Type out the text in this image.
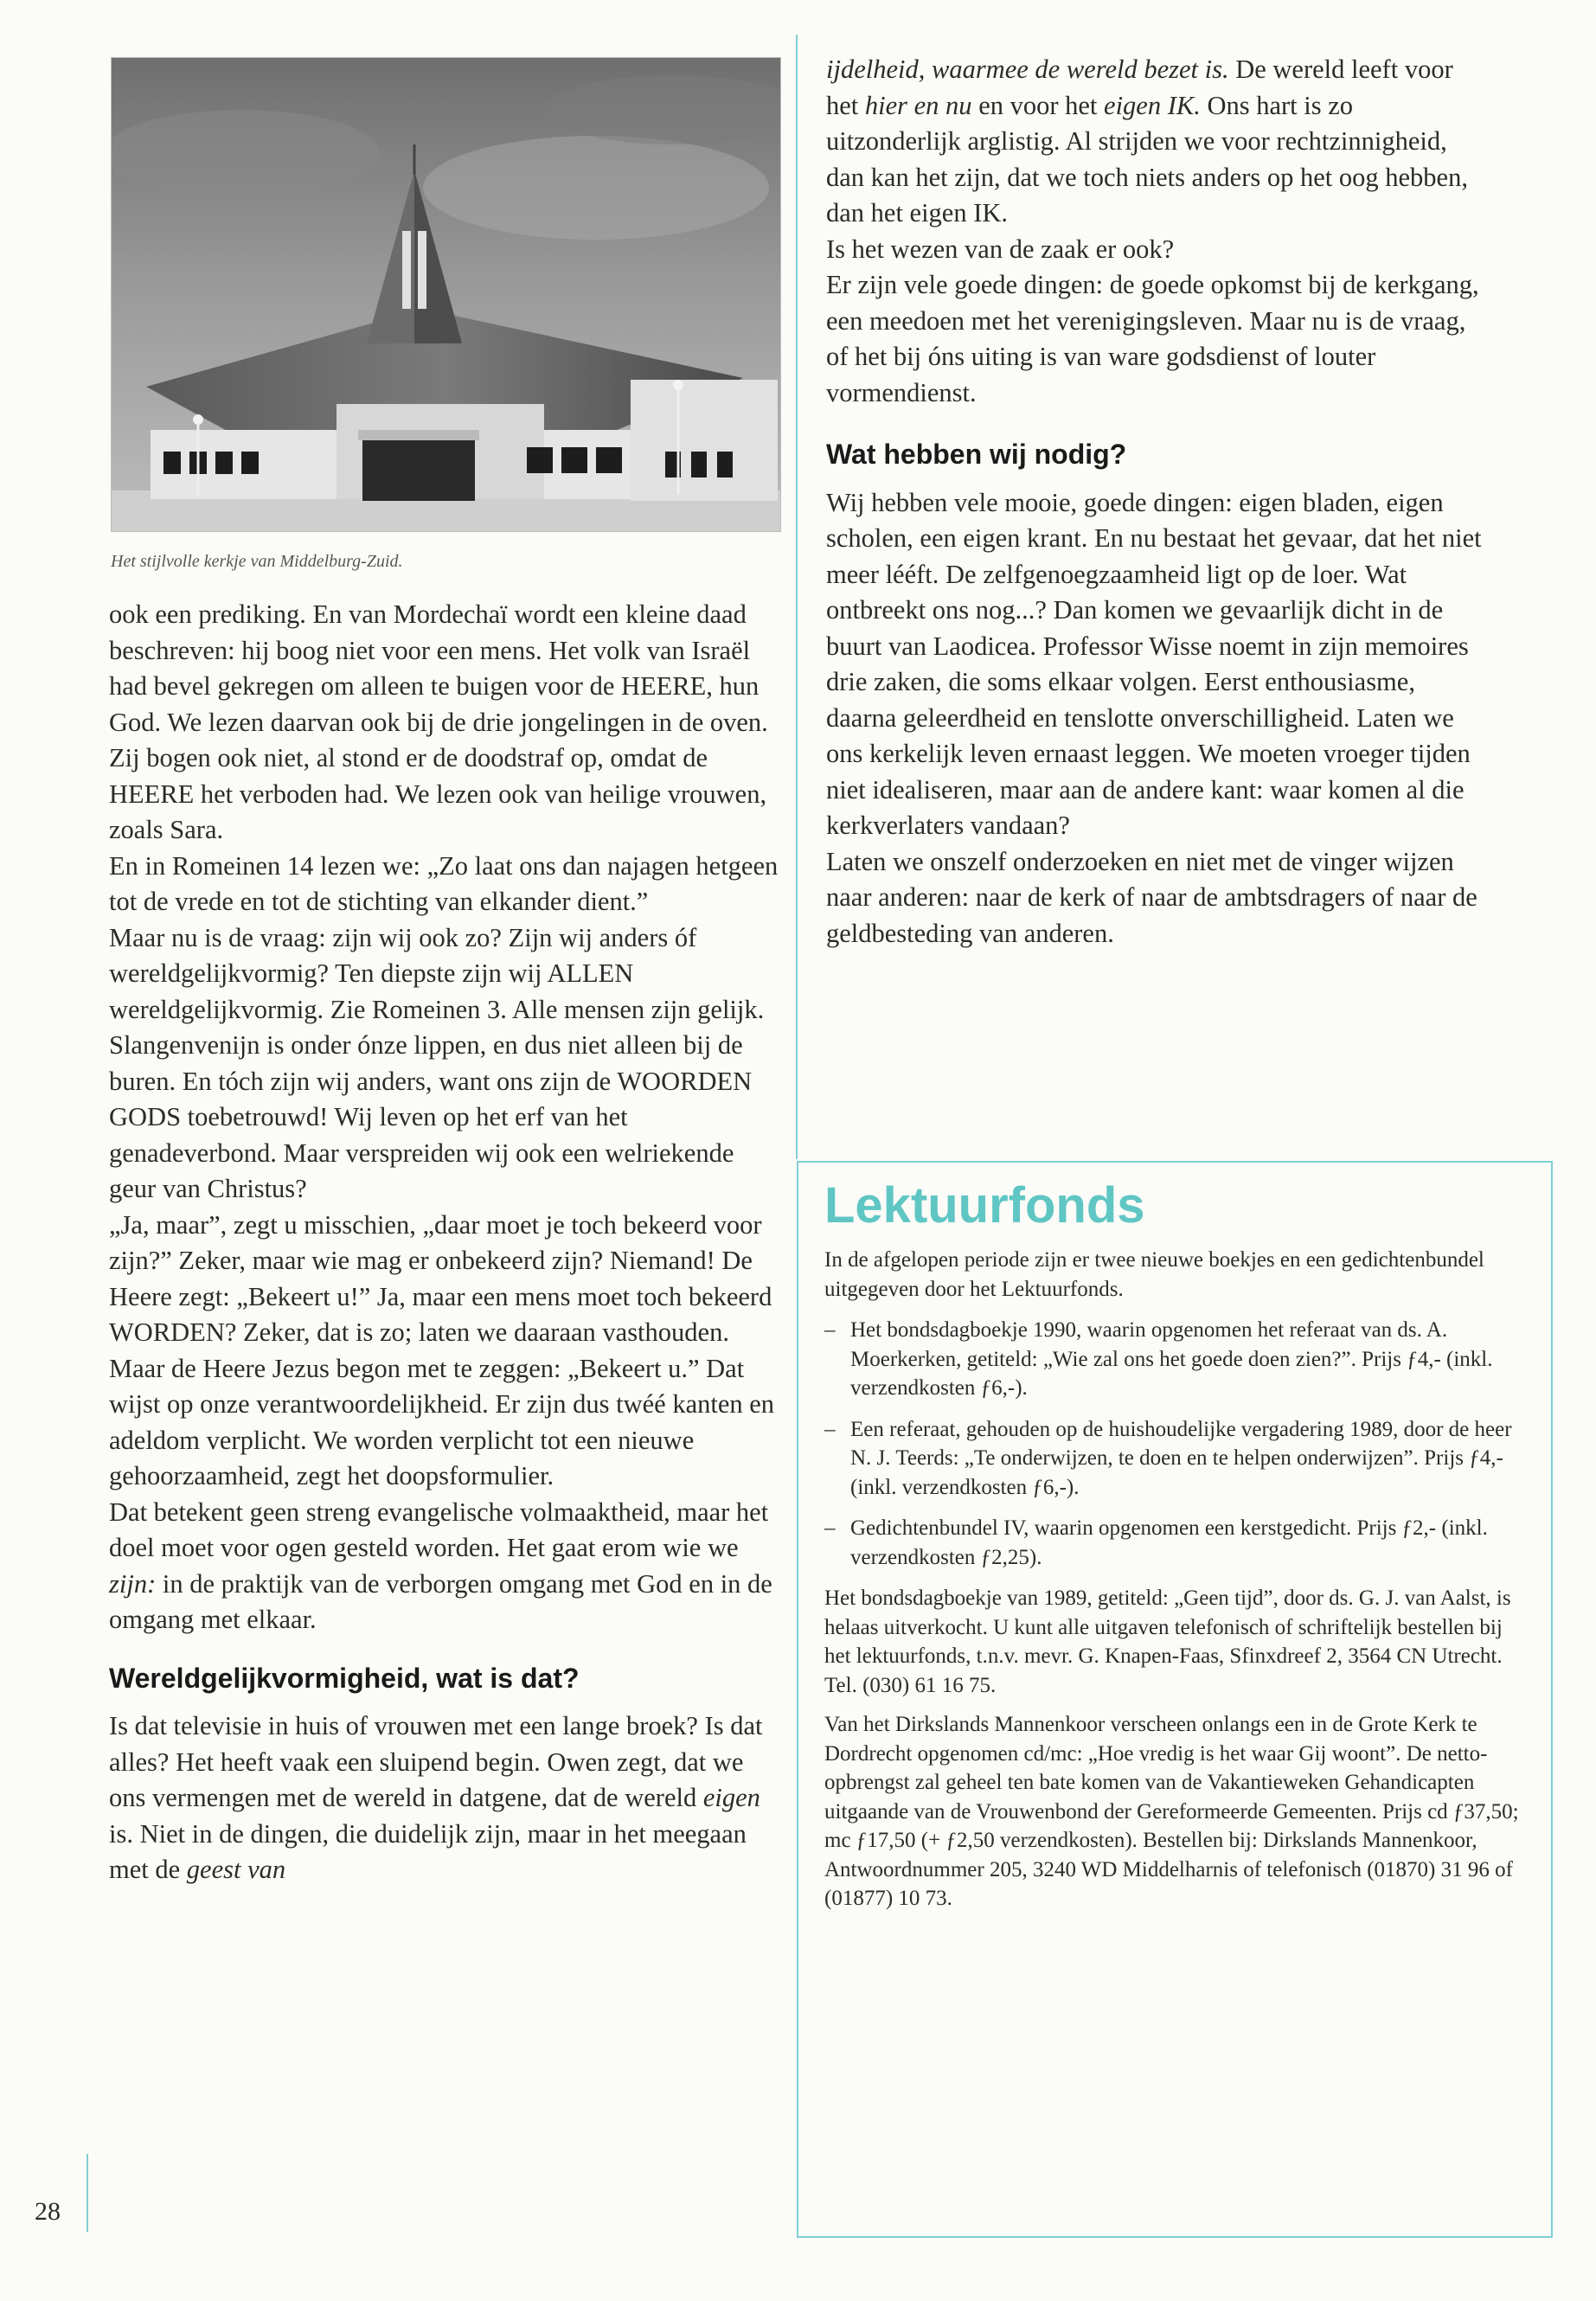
Het stijlvolle kerkje van Middelburg-Zuid.

ook een prediking. En van Mordechaï wordt een kleine daad beschreven: hij boog niet voor een mens. Het volk van Israël had bevel gekregen om alleen te buigen voor de HEERE, hun God. We lezen daarvan ook bij de drie jongelingen in de oven. Zij bogen ook niet, al stond er de doodstraf op, omdat de HEERE het verboden had. We lezen ook van heilige vrouwen, zoals Sara.

En in Romeinen 14 lezen we: „Zo laat ons dan najagen hetgeen tot de vrede en tot de stichting van elkander dient.”

Maar nu is de vraag: zijn wij ook zo? Zijn wij anders óf wereldgelijkvormig? Ten diepste zijn wij ALLEN wereldgelijkvormig. Zie Romeinen 3. Alle mensen zijn gelijk. Slangenvenijn is onder ónze lippen, en dus niet alleen bij de buren. En tóch zijn wij anders, want ons zijn de WOORDEN GODS toebetrouwd! Wij leven op het erf van het genadeverbond. Maar verspreiden wij ook een welriekende geur van Christus?

„Ja, maar”, zegt u misschien, „daar moet je toch bekeerd voor zijn?” Zeker, maar wie mag er onbekeerd zijn? Niemand! De Heere zegt: „Bekeert u!” Ja, maar een mens moet toch bekeerd WORDEN? Zeker, dat is zo; laten we daaraan vasthouden. Maar de Heere Jezus begon met te zeggen: „Bekeert u.” Dat wijst op onze verantwoordelijkheid. Er zijn dus twéé kanten en adeldom verplicht. We worden verplicht tot een nieuwe gehoorzaamheid, zegt het doopsformulier.

Dat betekent geen streng evangelische volmaaktheid, maar het doel moet voor ogen gesteld worden. Het gaat erom wie we zijn: in de praktijk van de verborgen omgang met God en in de omgang met elkaar.

Wereldgelijkvormigheid, wat is dat?

Is dat televisie in huis of vrouwen met een lange broek? Is dat alles? Het heeft vaak een sluipend begin. Owen zegt, dat we ons vermengen met de wereld in datgene, dat de wereld eigen is. Niet in de dingen, die duidelijk zijn, maar in het meegaan met de geest van

28

ijdelheid, waarmee de wereld bezet is. De wereld leeft voor het hier en nu en voor het eigen IK. Ons hart is zo uitzonderlijk arglistig. Al strijden we voor rechtzinnigheid, dan kan het zijn, dat we toch niets anders op het oog hebben, dan het eigen IK.

Is het wezen van de zaak er ook?

Er zijn vele goede dingen: de goede opkomst bij de kerkgang, een meedoen met het verenigingsleven. Maar nu is de vraag, of het bij óns uiting is van ware godsdienst of louter vormendienst.

Wat hebben wij nodig?

Wij hebben vele mooie, goede dingen: eigen bladen, eigen scholen, een eigen krant. En nu bestaat het gevaar, dat het niet meer lééft. De zelfgenoegzaamheid ligt op de loer. Wat ontbreekt ons nog...? Dan komen we gevaarlijk dicht in de buurt van Laodicea. Professor Wisse noemt in zijn memoires drie zaken, die soms elkaar volgen. Eerst enthousiasme, daarna geleerdheid en tenslotte onverschilligheid. Laten we ons kerkelijk leven ernaast leggen. We moeten vroeger tijden niet idealiseren, maar aan de andere kant: waar komen al die kerkverlaters vandaan?

Laten we onszelf onderzoeken en niet met de vinger wijzen naar anderen: naar de kerk of naar de ambtsdragers of naar de geldbesteding van anderen.

Lektuurfonds

In de afgelopen periode zijn er twee nieuwe boekjes en een gedichtenbundel uitgegeven door het Lektuurfonds.

– Het bondsdagboekje 1990, waarin opgenomen het referaat van ds. A. Moerkerken, getiteld: „Wie zal ons het goede doen zien?”. Prijs ƒ4,- (inkl. verzendkosten ƒ6,-).
– Een referaat, gehouden op de huishoudelijke vergadering 1989, door de heer N. J. Teerds: „Te onderwijzen, te doen en te helpen onderwijzen”. Prijs ƒ4,- (inkl. verzendkosten ƒ6,-).
– Gedichtenbundel IV, waarin opgenomen een kerstgedicht. Prijs ƒ2,- (inkl. verzendkosten ƒ2,25).

Het bondsdagboekje van 1989, getiteld: „Geen tijd”, door ds. G. J. van Aalst, is helaas uitverkocht. U kunt alle uitgaven telefonisch of schriftelijk bestellen bij het lektuurfonds, t.n.v. mevr. G. Knapen-Faas, Sfinxdreef 2, 3564 CN Utrecht. Tel. (030) 61 16 75.

Van het Dirkslands Mannenkoor verscheen onlangs een in de Grote Kerk te Dordrecht opgenomen cd/mc: „Hoe vredig is het waar Gij woont”. De netto-opbrengst zal geheel ten bate komen van de Vakantieweken Gehandicapten uitgaande van de Vrouwenbond der Gereformeerde Gemeenten. Prijs cd ƒ37,50; mc ƒ17,50 (+ ƒ2,50 verzendkosten). Bestellen bij: Dirkslands Mannenkoor, Antwoordnummer 205, 3240 WD Middelharnis of telefonisch (01870) 31 96 of (01877) 10 73.
